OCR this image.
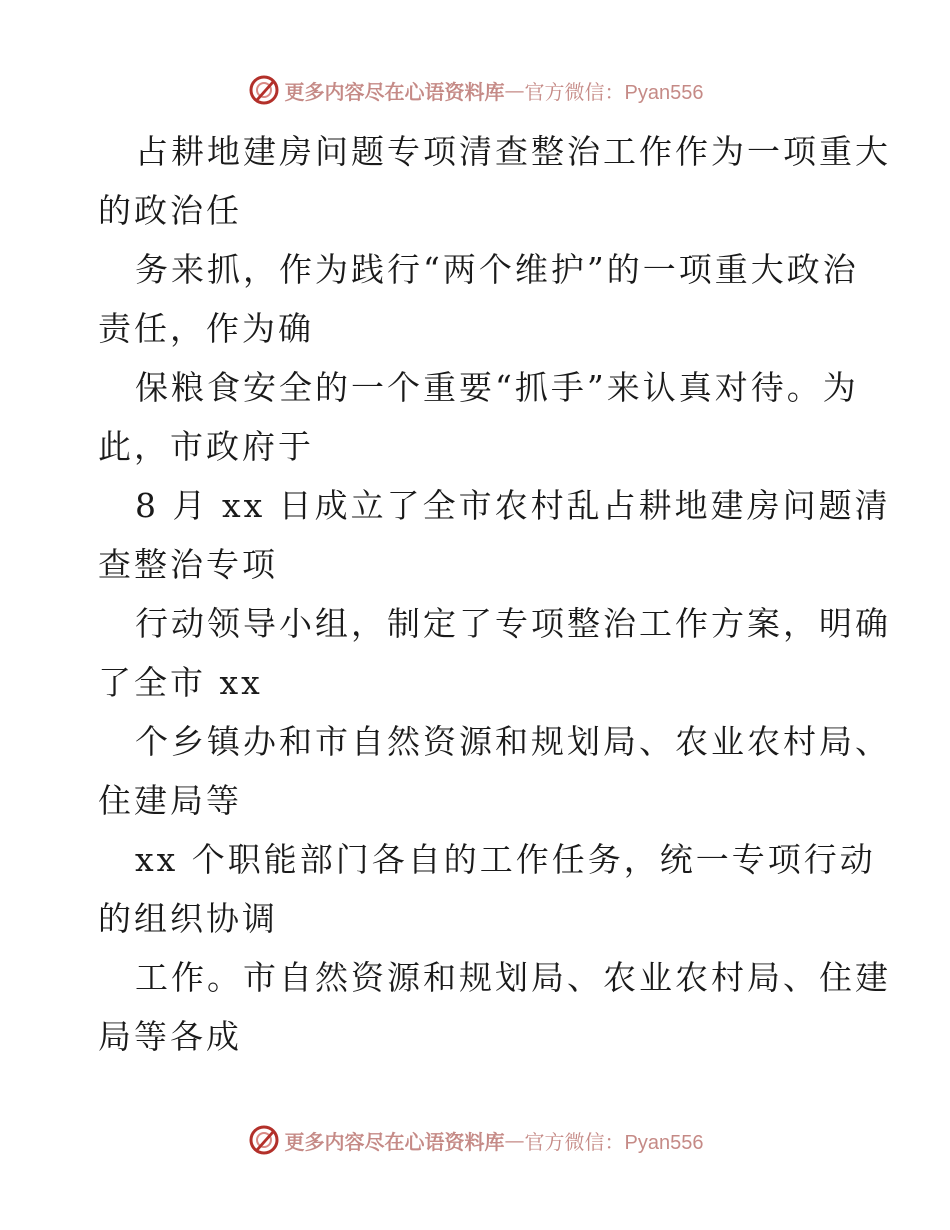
更多内容尽在心语资料库 — 官方微信：Pyan556
占耕地建房问题专项清查整治工作作为一项重大
的政治任
务来抓，作为践行“两个维护”的一项重大政治
责任，作为确
保粮食安全的一个重要“抓手”来认真对待。为
此，市政府于
8 月 xx 日成立了全市农村乱占耕地建房问题清
查整治专项
行动领导小组，制定了专项整治工作方案，明确
了全市 xx
个乡镇办和市自然资源和规划局、农业农村局、
住建局等
xx 个职能部门各自的工作任务，统一专项行动
的组织协调
工作。市自然资源和规划局、农业农村局、住建
局等各成
更多内容尽在心语资料库 — 官方微信：Pyan556
